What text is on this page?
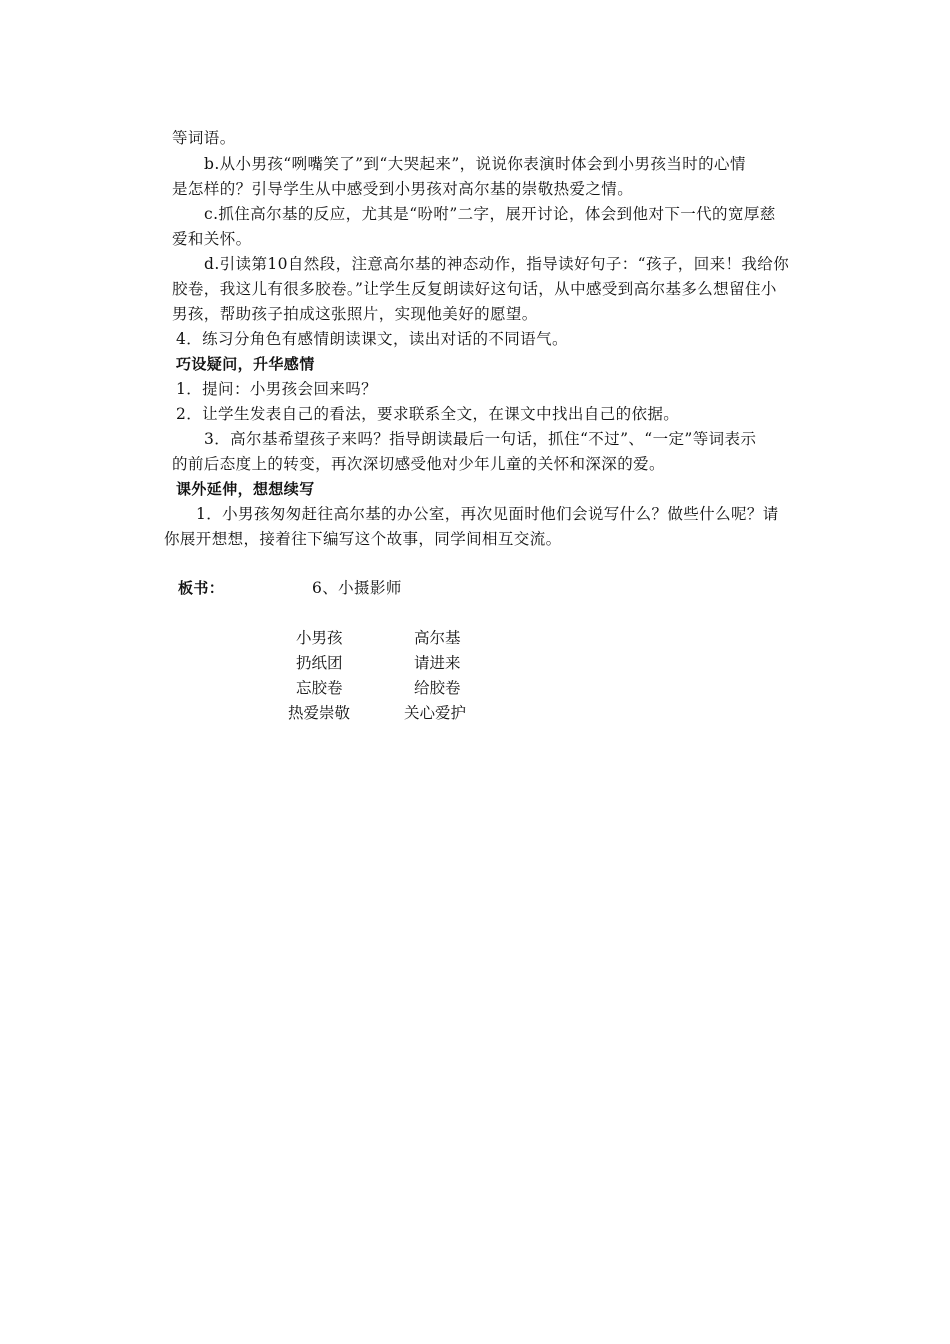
等词语。
b.从小男孩“咧嘴笑了”到“大哭起来”，说说你表演时体会到小男孩当时的心情
是怎样的？引导学生从中感受到小男孩对高尔基的崇敬热爱之情。
c.抓住高尔基的反应，尤其是“吩咐”二字，展开讨论，体会到他对下一代的宽厚慈
爱和关怀。
d.引读第10自然段，注意高尔基的神态动作，指导读好句子：“孩子，回来！我给你
胶卷，我这儿有很多胶卷。”让学生反复朗读好这句话，从中感受到高尔基多么想留住小
男孩，帮助孩子拍成这张照片，实现他美好的愿望。
4．练习分角色有感情朗读课文，读出对话的不同语气。
巧设疑问，升华感情
1．提问：小男孩会回来吗？
2．让学生发表自己的看法，要求联系全文，在课文中找出自己的依据。
3．高尔基希望孩子来吗？指导朗读最后一句话，抓住“不过”、“一定”等词表示
的前后态度上的转变，再次深切感受他对少年儿童的关怀和深深的爱。
课外延伸，想想续写
1．小男孩匆匆赶往高尔基的办公室，再次见面时他们会说写什么？做些什么呢？请
你展开想想，接着往下编写这个故事，同学间相互交流。
板书：	6、小摄影师
小男孩	高尔基
扔纸团	请进来
忘胶卷	给胶卷
热爱崇敬	关心爱护
